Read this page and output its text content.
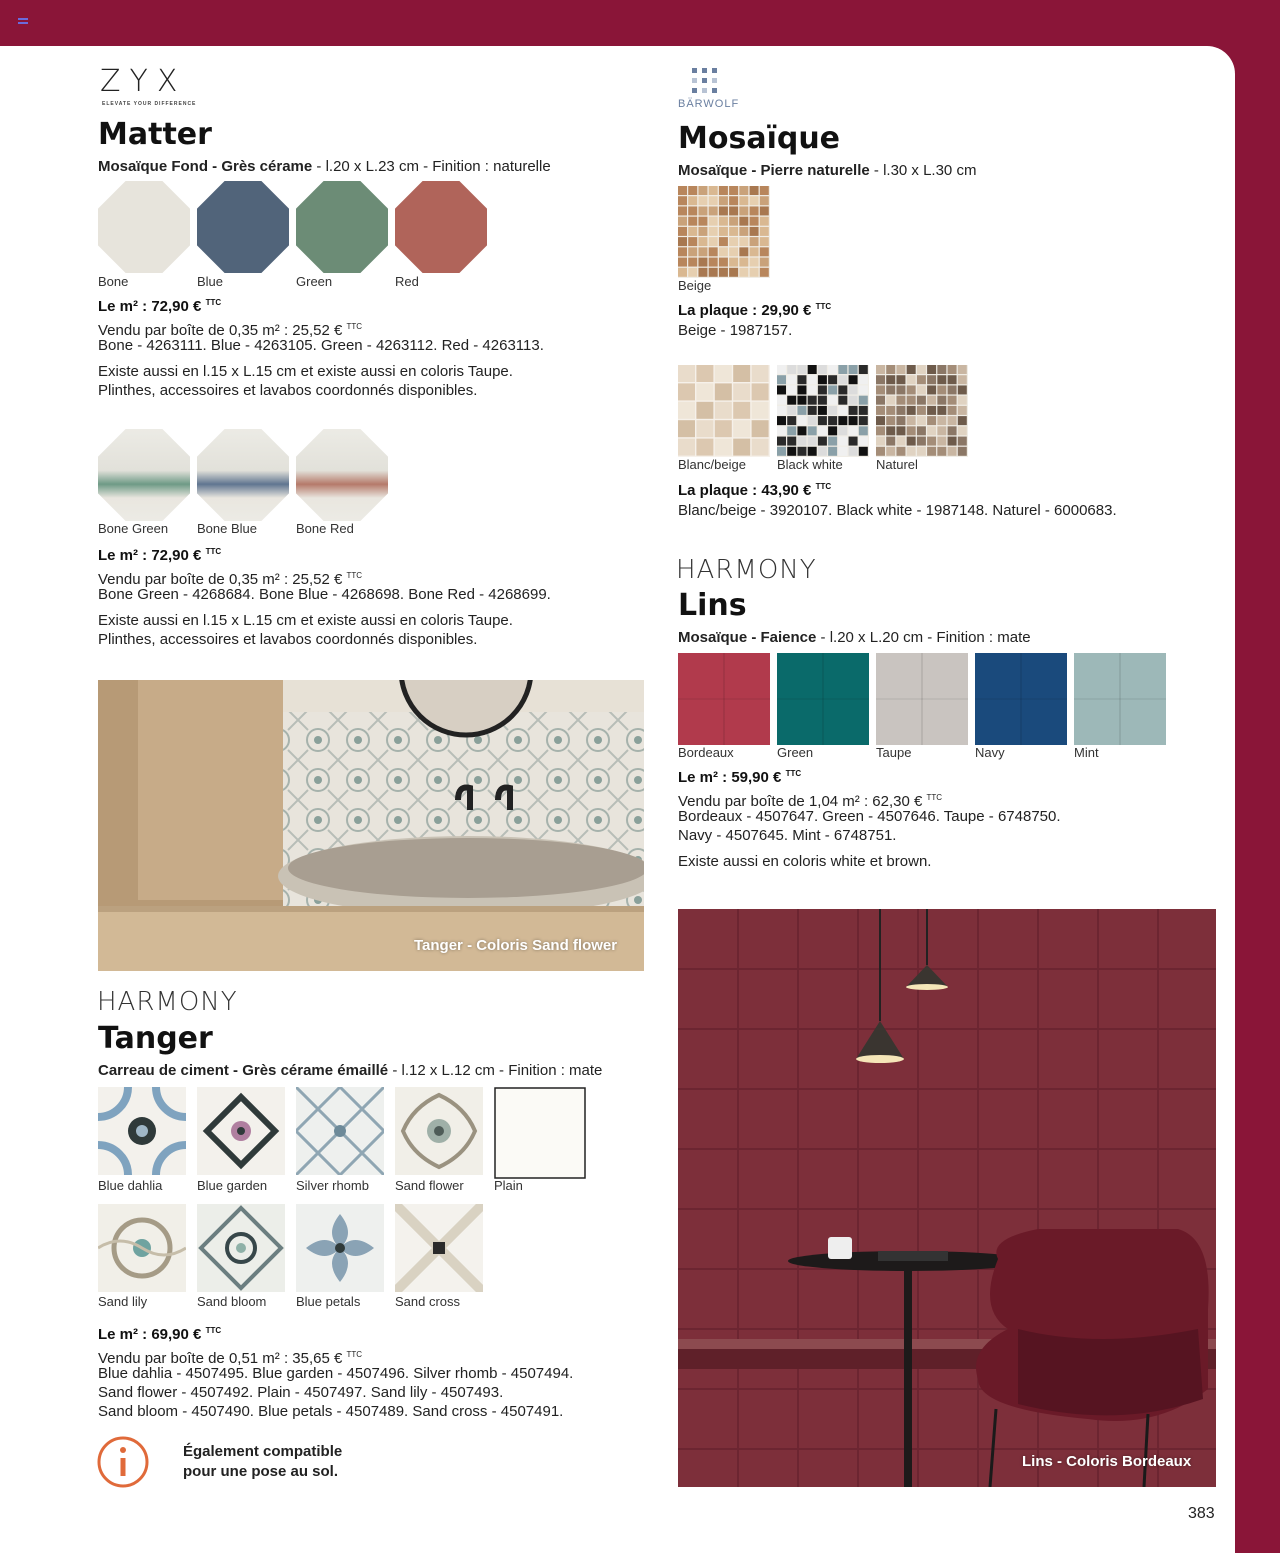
ZYX
ELEVATE YOUR DIFFERENCE
Matter
Mosaïque Fond - Grès cérame - l.20 x L.23 cm - Finition : naturelle
Bone	Blue	Green	Red
Le m² : 72,90 € $^{TTC}$
Vendu par boîte de 0,35 m² : 25,52 € $^{TTC}$
Bone - 4263111. Blue - 4263105. Green - 4263112. Red - 4263113.
Existe aussi en l.15 x L.15 cm et existe aussi en coloris Taupe.
Plinthes, accessoires et lavabos coordonnés disponibles.
Bone Green Bone Blue	Bone Red
Le m² : 72,90 € $^{TTC}$
Vendu par boîte de 0,35 m² : 25,52 € $^{TTC}$
Bone Green - 4268684. Bone Blue - 4268698. Bone Red - 4268699.
Existe aussi en l.15 x L.15 cm et existe aussi en coloris Taupe.
Plinthes, accessoires et lavabos coordonnés disponibles.
Tanger - Coloris Sand flower
HARMONY
Tanger
Carreau de ciment - Grès cérame émaillé - l.12 x L.12 cm - Finition : mate
Blue dahlia	Blue garden Silver rhomb Sand flower Plain
Sand lily	Sand bloom Blue petals	Sand cross
Le m² : 69,90 € $^{TTC}$
Vendu par boîte de 0,51 m² : 35,65 € $^{TTC}$
Blue dahlia - 4507495. Blue garden - 4507496. Silver rhomb - 4507494.
Sand flower - 4507492. Plain - 4507497. Sand lily - 4507493.
Sand bloom - 4507490. Blue petals - 4507489. Sand cross - 4507491.
Également compatible
pour une pose au sol.
BÄRWOLF
Mosaïque
Mosaïque - Pierre naturelle - l.30 x L.30 cm
Beige
La plaque : 29,90 € $^{TTC}$
Beige - 1987157.
Blanc/beige Black white	Naturel
La plaque : 43,90 € $^{TTC}$
Blanc/beige - 3920107. Black white - 1987148. Naturel - 6000683.
HARMONY
Lins
Mosaïque - Faience - l.20 x L.20 cm - Finition : mate
Bordeaux	Green	Taupe	Navy	Mint
Le m² : 59,90 € $^{TTC}$
Vendu par boîte de 1,04 m² : 62,30 € $^{TTC}$
Bordeaux - 4507647. Green - 4507646. Taupe - 6748750.
Navy - 4507645. Mint - 6748751.
Existe aussi en coloris white et brown.
Lins - Coloris Bordeaux
383
